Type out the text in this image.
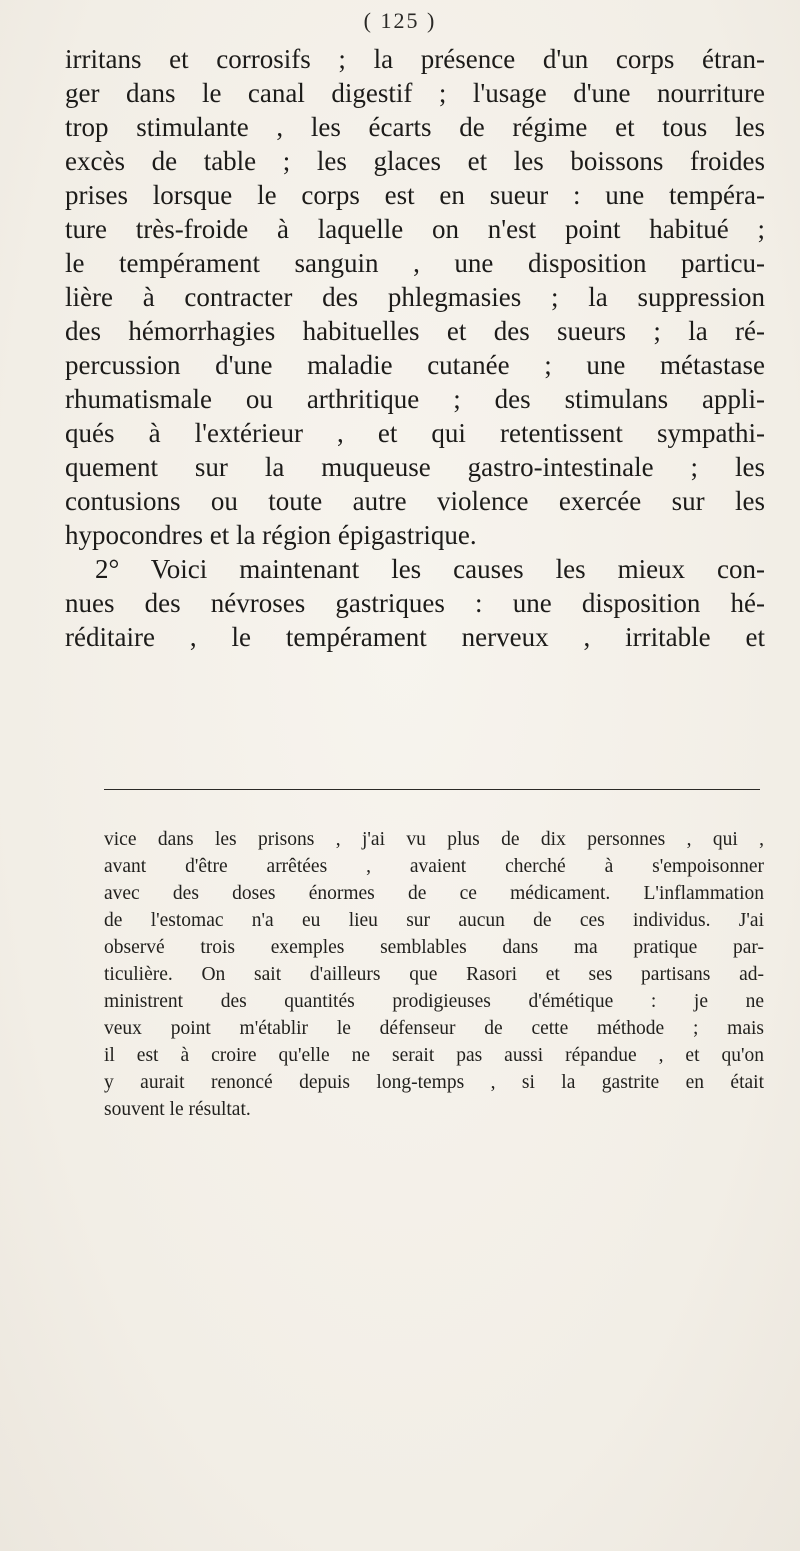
( 125 )
irritans et corrosifs ; la présence d'un corps étran-
ger dans le canal digestif ; l'usage d'une nourriture
trop stimulante , les écarts de régime et tous les
excès de table ; les glaces et les boissons froides
prises lorsque le corps est en sueur : une tempéra-
ture très-froide à laquelle on n'est point habitué ;
le tempérament sanguin , une disposition particu-
lière à contracter des phlegmasies ; la suppression
des hémorrhagies habituelles et des sueurs ; la ré-
percussion d'une maladie cutanée ; une métastase
rhumatismale ou arthritique ; des stimulans appli-
qués à l'extérieur , et qui retentissent sympathi-
quement sur la muqueuse gastro-intestinale ; les
contusions ou toute autre violence exercée sur les
hypocondres et la région épigastrique.
2° Voici maintenant les causes les mieux con-
nues des névroses gastriques : une disposition hé-
réditaire , le tempérament nerveux , irritable et
vice dans les prisons , j'ai vu plus de dix personnes , qui ,
avant d'être arrêtées , avaient cherché à s'empoisonner
avec des doses énormes de ce médicament. L'inflammation
de l'estomac n'a eu lieu sur aucun de ces individus. J'ai
observé trois exemples semblables dans ma pratique par-
ticulière. On sait d'ailleurs que Rasori et ses partisans ad-
ministrent des quantités prodigieuses d'émétique : je ne
veux point m'établir le défenseur de cette méthode ; mais
il est à croire qu'elle ne serait pas aussi répandue , et qu'on
y aurait renoncé depuis long-temps , si la gastrite en était
souvent le résultat.
